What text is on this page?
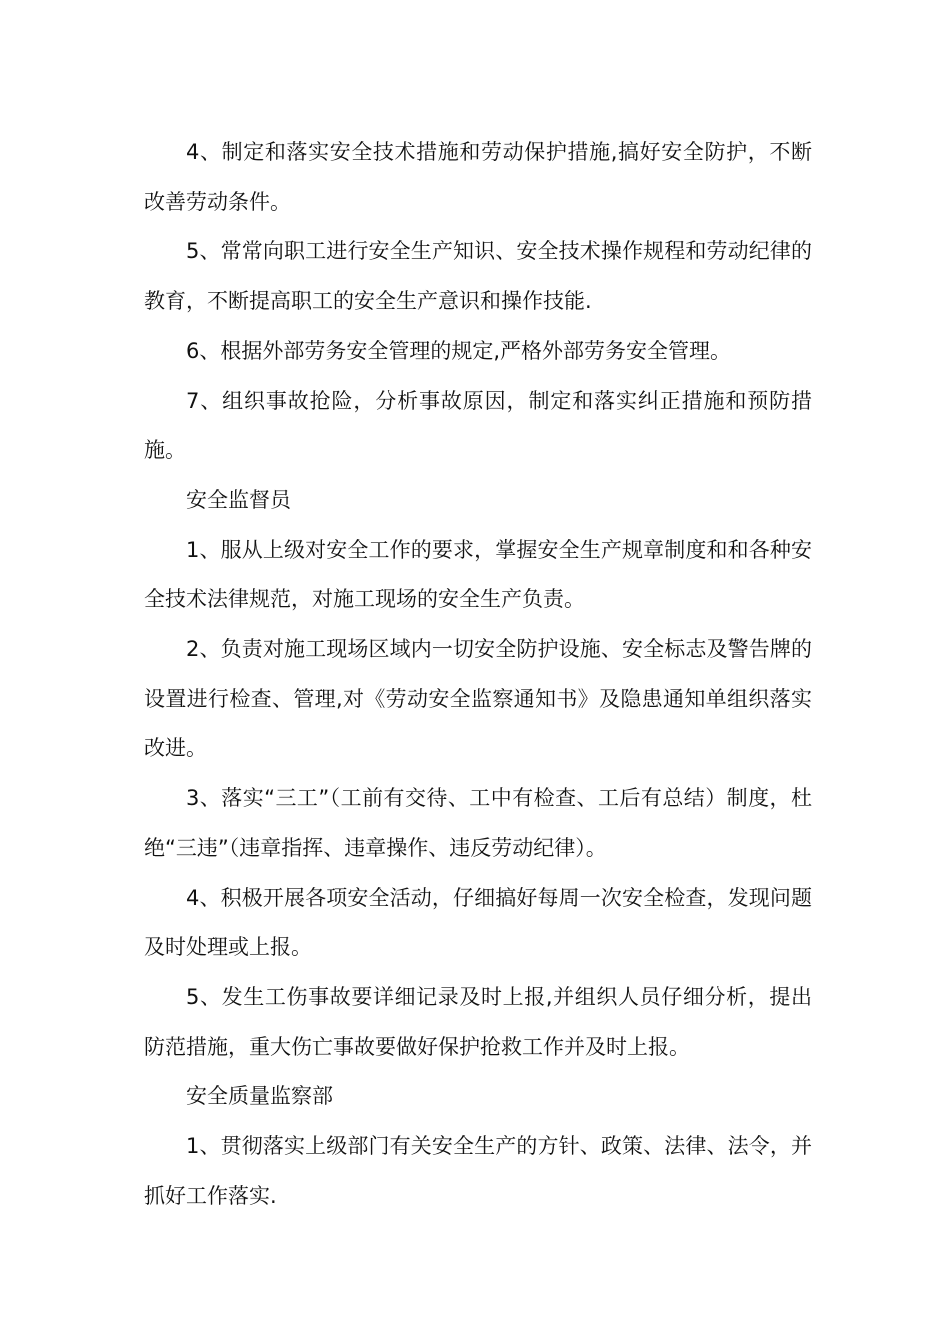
4、制定和落实安全技术措施和劳动保护措施,搞好安全防护，不断改善劳动条件。

5、常常向职工进行安全生产知识、安全技术操作规程和劳动纪律的教育，不断提高职工的安全生产意识和操作技能.

6、根据外部劳务安全管理的规定,严格外部劳务安全管理。

7、组织事故抢险，分析事故原因，制定和落实纠正措施和预防措施。

安全监督员

1、服从上级对安全工作的要求，掌握安全生产规章制度和和各种安全技术法律规范，对施工现场的安全生产负责。

2、负责对施工现场区域内一切安全防护设施、安全标志及警告牌的设置进行检查、管理,对《劳动安全监察通知书》及隐患通知单组织落实改进。

3、落实“三工”（工前有交待、工中有检查、工后有总结）制度，杜绝“三违”（违章指挥、违章操作、违反劳动纪律）。

4、积极开展各项安全活动，仔细搞好每周一次安全检查，发现问题及时处理或上报。

5、发生工伤事故要详细记录及时上报,并组织人员仔细分析，提出防范措施，重大伤亡事故要做好保护抢救工作并及时上报。

安全质量监察部

1、贯彻落实上级部门有关安全生产的方针、政策、法律、法令，并抓好工作落实.
